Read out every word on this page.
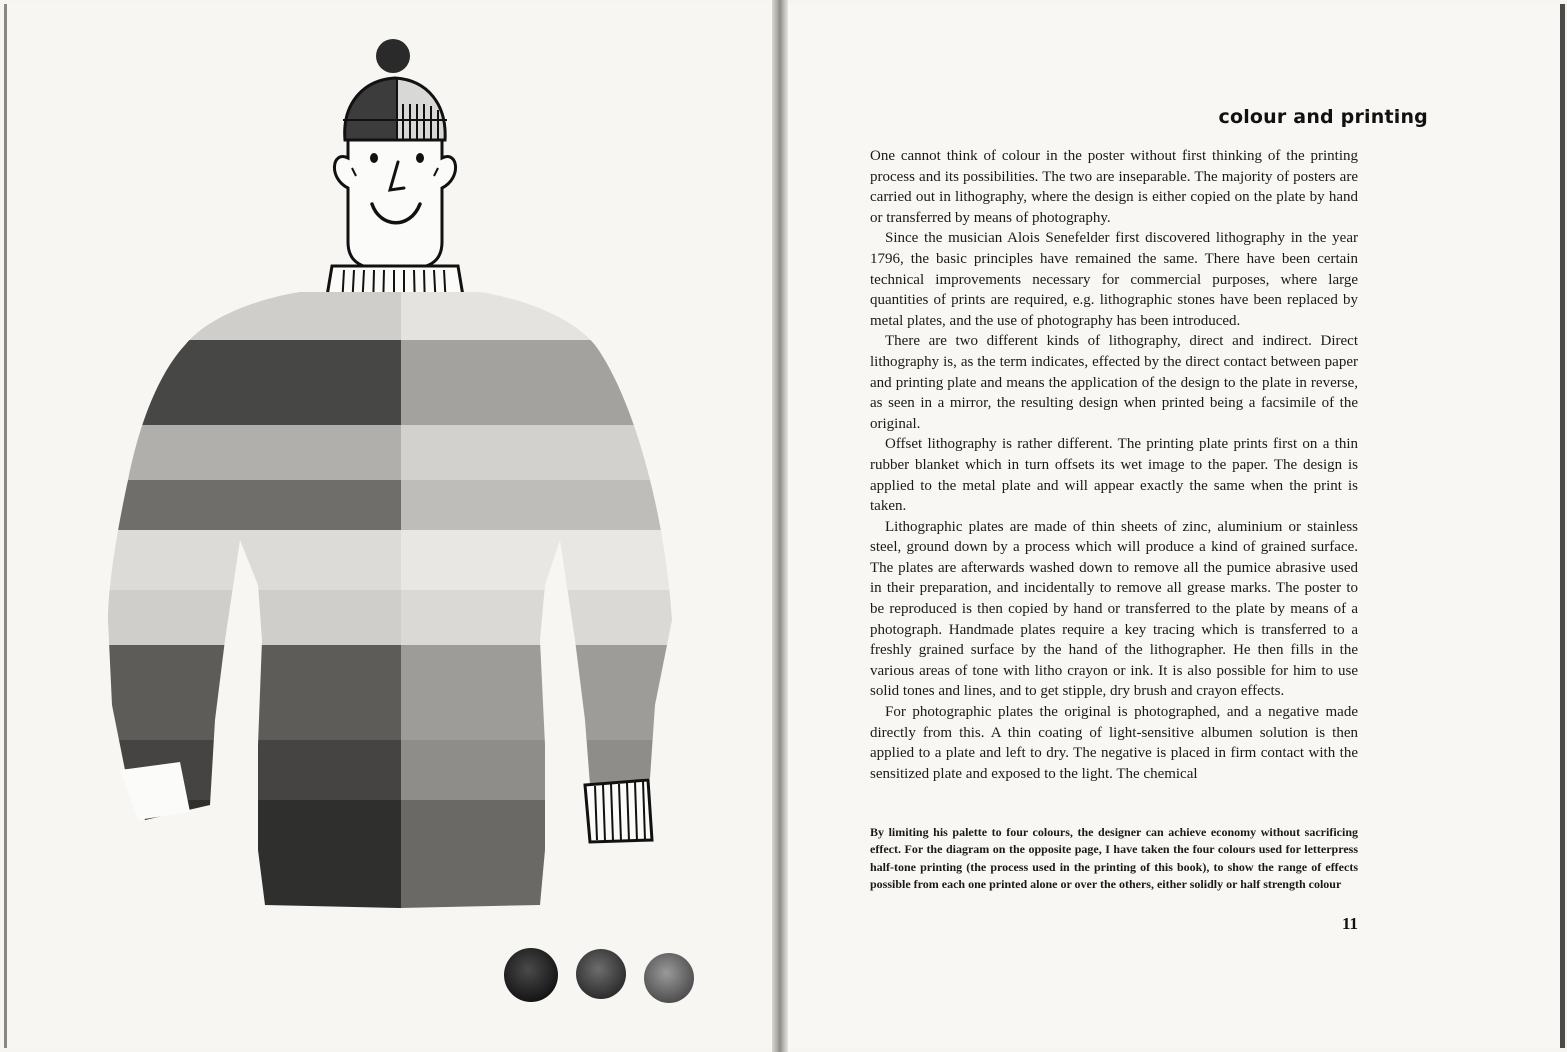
colour and printing

One cannot think of colour in the poster without first thinking of the printing process and its possibilities. The two are inseparable. The majority of posters are carried out in lithography, where the design is either copied on the plate by hand or transferred by means of photography.

Since the musician Alois Senefelder first discovered lithography in the year 1796, the basic principles have remained the same. There have been certain technical improvements necessary for commercial purposes, where large quantities of prints are required, e.g. lithographic stones have been replaced by metal plates, and the use of photography has been introduced.

There are two different kinds of lithography, direct and indirect. Direct lithography is, as the term indicates, effected by the direct contact between paper and printing plate and means the application of the design to the plate in reverse, as seen in a mirror, the resulting design when printed being a facsimile of the original.

Offset lithography is rather different. The printing plate prints first on a thin rubber blanket which in turn offsets its wet image to the paper. The design is applied to the metal plate and will appear exactly the same when the print is taken.

Lithographic plates are made of thin sheets of zinc, aluminium or stainless steel, ground down by a process which will produce a kind of grained surface. The plates are afterwards washed down to remove all the pumice abrasive used in their preparation, and incidentally to remove all grease marks. The poster to be reproduced is then copied by hand or transferred to the plate by means of a photograph. Handmade plates require a key tracing which is transferred to a freshly grained surface by the hand of the lithographer. He then fills in the various areas of tone with litho crayon or ink. It is also possible for him to use solid tones and lines, and to get stipple, dry brush and crayon effects.

For photographic plates the original is photographed, and a negative made directly from this. A thin coating of light-sensitive albumen solution is then applied to a plate and left to dry. The negative is placed in firm contact with the sensitized plate and exposed to the light. The chemical

By limiting his palette to four colours, the designer can achieve economy without sacrificing effect. For the diagram on the opposite page, I have taken the four colours used for letterpress half-tone printing (the process used in the printing of this book), to show the range of effects possible from each one printed alone or over the others, either solidly or half strength colour
11
